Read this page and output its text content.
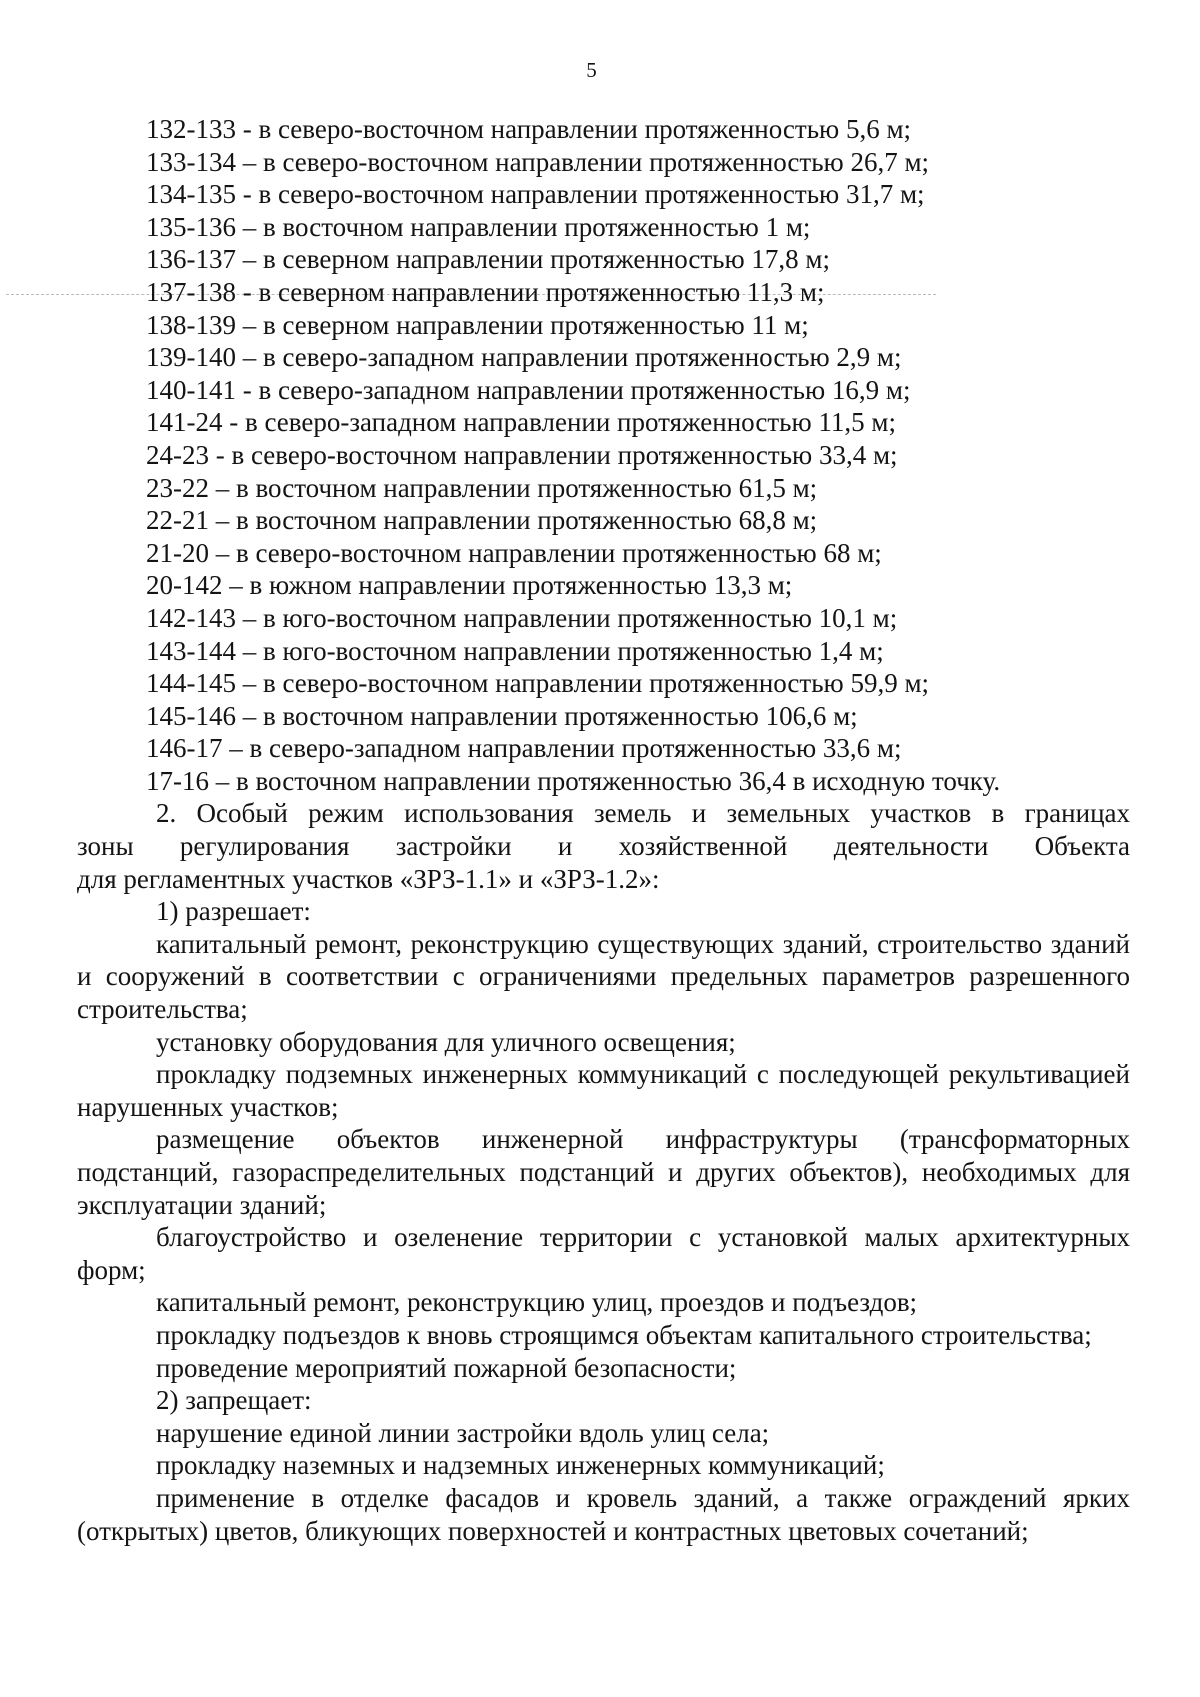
5
132-133 - в северо-восточном направлении протяженностью 5,6 м;
133-134 – в северо-восточном направлении протяженностью 26,7 м;
134-135 - в северо-восточном направлении протяженностью 31,7 м;
135-136 – в восточном направлении протяженностью 1 м;
136-137 – в северном направлении протяженностью 17,8 м;
137-138 - в северном направлении протяженностью 11,3 м;
138-139 – в северном направлении протяженностью 11 м;
139-140 – в северо-западном направлении протяженностью 2,9 м;
140-141 - в северо-западном направлении протяженностью 16,9 м;
141-24 - в северо-западном направлении протяженностью 11,5 м;
24-23 - в северо-восточном направлении протяженностью 33,4 м;
23-22 – в восточном направлении протяженностью 61,5 м;
22-21 – в восточном направлении протяженностью 68,8 м;
21-20 – в северо-восточном направлении протяженностью 68 м;
20-142 – в южном направлении протяженностью 13,3 м;
142-143 – в юго-восточном направлении протяженностью 10,1 м;
143-144 – в юго-восточном направлении протяженностью 1,4 м;
144-145 – в северо-восточном направлении протяженностью 59,9 м;
145-146 – в восточном направлении протяженностью 106,6 м;
146-17 – в северо-западном направлении протяженностью 33,6 м;
17-16 – в восточном направлении протяженностью 36,4 в исходную точку.
2. Особый режим использования земель и земельных участков в границах
зоны регулирования застройки и хозяйственной деятельности Объекта
для регламентных участков «ЗРЗ-1.1» и «ЗРЗ-1.2»:
1) разрешает:
капитальный ремонт, реконструкцию существующих зданий, строительство зданий и сооружений в соответствии с ограничениями предельных параметров разрешенного строительства;
установку оборудования для уличного освещения;
прокладку подземных инженерных коммуникаций с последующей рекультивацией нарушенных участков;
размещение объектов инженерной инфраструктуры (трансформаторных подстанций, газораспределительных подстанций и других объектов), необходимых для эксплуатации зданий;
благоустройство и озеленение территории с установкой малых архитектурных форм;
капитальный ремонт, реконструкцию улиц, проездов и подъездов;
прокладку подъездов к вновь строящимся объектам капитального строительства;
проведение мероприятий пожарной безопасности;
2) запрещает:
нарушение единой линии застройки вдоль улиц села;
прокладку наземных и надземных инженерных коммуникаций;
применение в отделке фасадов и кровель зданий, а также ограждений ярких (открытых) цветов, бликующих поверхностей и контрастных цветовых сочетаний;
